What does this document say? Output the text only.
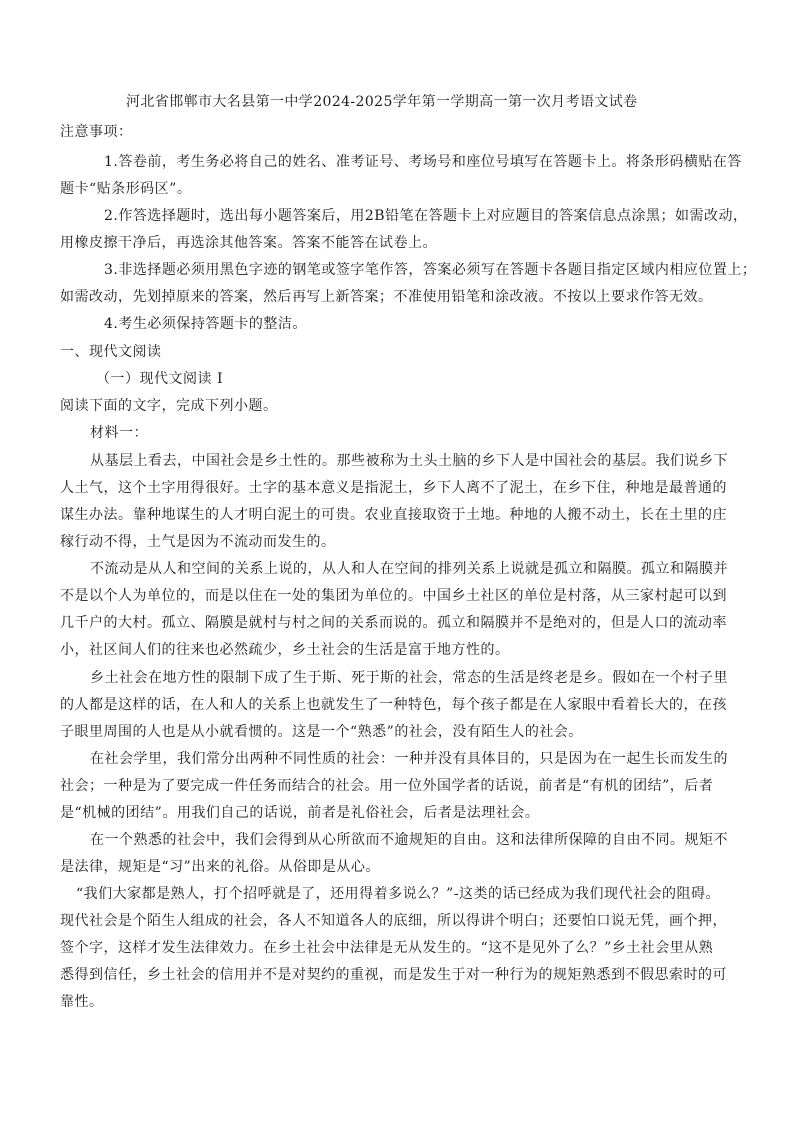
河北省邯郸市大名县第一中学2024-2025学年第一学期高一第一次月考语文试卷
注意事项：
1.答卷前，考生务必将自己的姓名、准考证号、考场号和座位号填写在答题卡上。将条形码横贴在答
题卡“贴条形码区”。
2.作答选择题时，选出每小题答案后，用2B铅笔在答题卡上对应题目的答案信息点涂黑；如需改动，
用橡皮擦干净后，再选涂其他答案。答案不能答在试卷上。
3.非选择题必须用黑色字迹的钢笔或签字笔作答，答案必须写在答题卡各题目指定区域内相应位置上；
如需改动，先划掉原来的答案，然后再写上新答案；不准使用铅笔和涂改液。不按以上要求作答无效。
4.考生必须保持答题卡的整洁。
一、现代文阅读
（一）现代文阅读 I
阅读下面的文字，完成下列小题。
材料一：
从基层上看去，中国社会是乡土性的。那些被称为土头土脑的乡下人是中国社会的基层。我们说乡下
人土气，这个土字用得很好。土字的基本意义是指泥土，乡下人离不了泥土，在乡下住，种地是最普通的
谋生办法。靠种地谋生的人才明白泥土的可贵。农业直接取资于土地。种地的人搬不动土，长在土里的庄
稼行动不得，土气是因为不流动而发生的。
不流动是从人和空间的关系上说的，从人和人在空间的排列关系上说就是孤立和隔膜。孤立和隔膜并
不是以个人为单位的，而是以住在一处的集团为单位的。中国乡土社区的单位是村落，从三家村起可以到
几千户的大村。孤立、隔膜是就村与村之间的关系而说的。孤立和隔膜并不是绝对的，但是人口的流动率
小，社区间人们的往来也必然疏少，乡土社会的生活是富于地方性的。
乡土社会在地方性的限制下成了生于斯、死于斯的社会，常态的生活是终老是乡。假如在一个村子里
的人都是这样的话，在人和人的关系上也就发生了一种特色，每个孩子都是在人家眼中看着长大的，在孩
子眼里周围的人也是从小就看惯的。这是一个“熟悉”的社会，没有陌生人的社会。
在社会学里，我们常分出两种不同性质的社会：一种并没有具体目的，只是因为在一起生长而发生的
社会；一种是为了要完成一件任务而结合的社会。用一位外国学者的话说，前者是“有机的团结”，后者
是“机械的团结”。用我们自己的话说，前者是礼俗社会，后者是法理社会。
在一个熟悉的社会中，我们会得到从心所欲而不逾规矩的自由。这和法律所保障的自由不同。规矩不
是法律，规矩是“习”出来的礼俗。从俗即是从心。
“我们大家都是熟人，打个招呼就是了，还用得着多说么？”-这类的话已经成为我们现代社会的阻碍。
现代社会是个陌生人组成的社会，各人不知道各人的底细，所以得讲个明白；还要怕口说无凭，画个押，
签个字，这样才发生法律效力。在乡土社会中法律是无从发生的。“这不是见外了么？”乡土社会里从熟
悉得到信任，乡土社会的信用并不是对契约的重视，而是发生于对一种行为的规矩熟悉到不假思索时的可
靠性。
